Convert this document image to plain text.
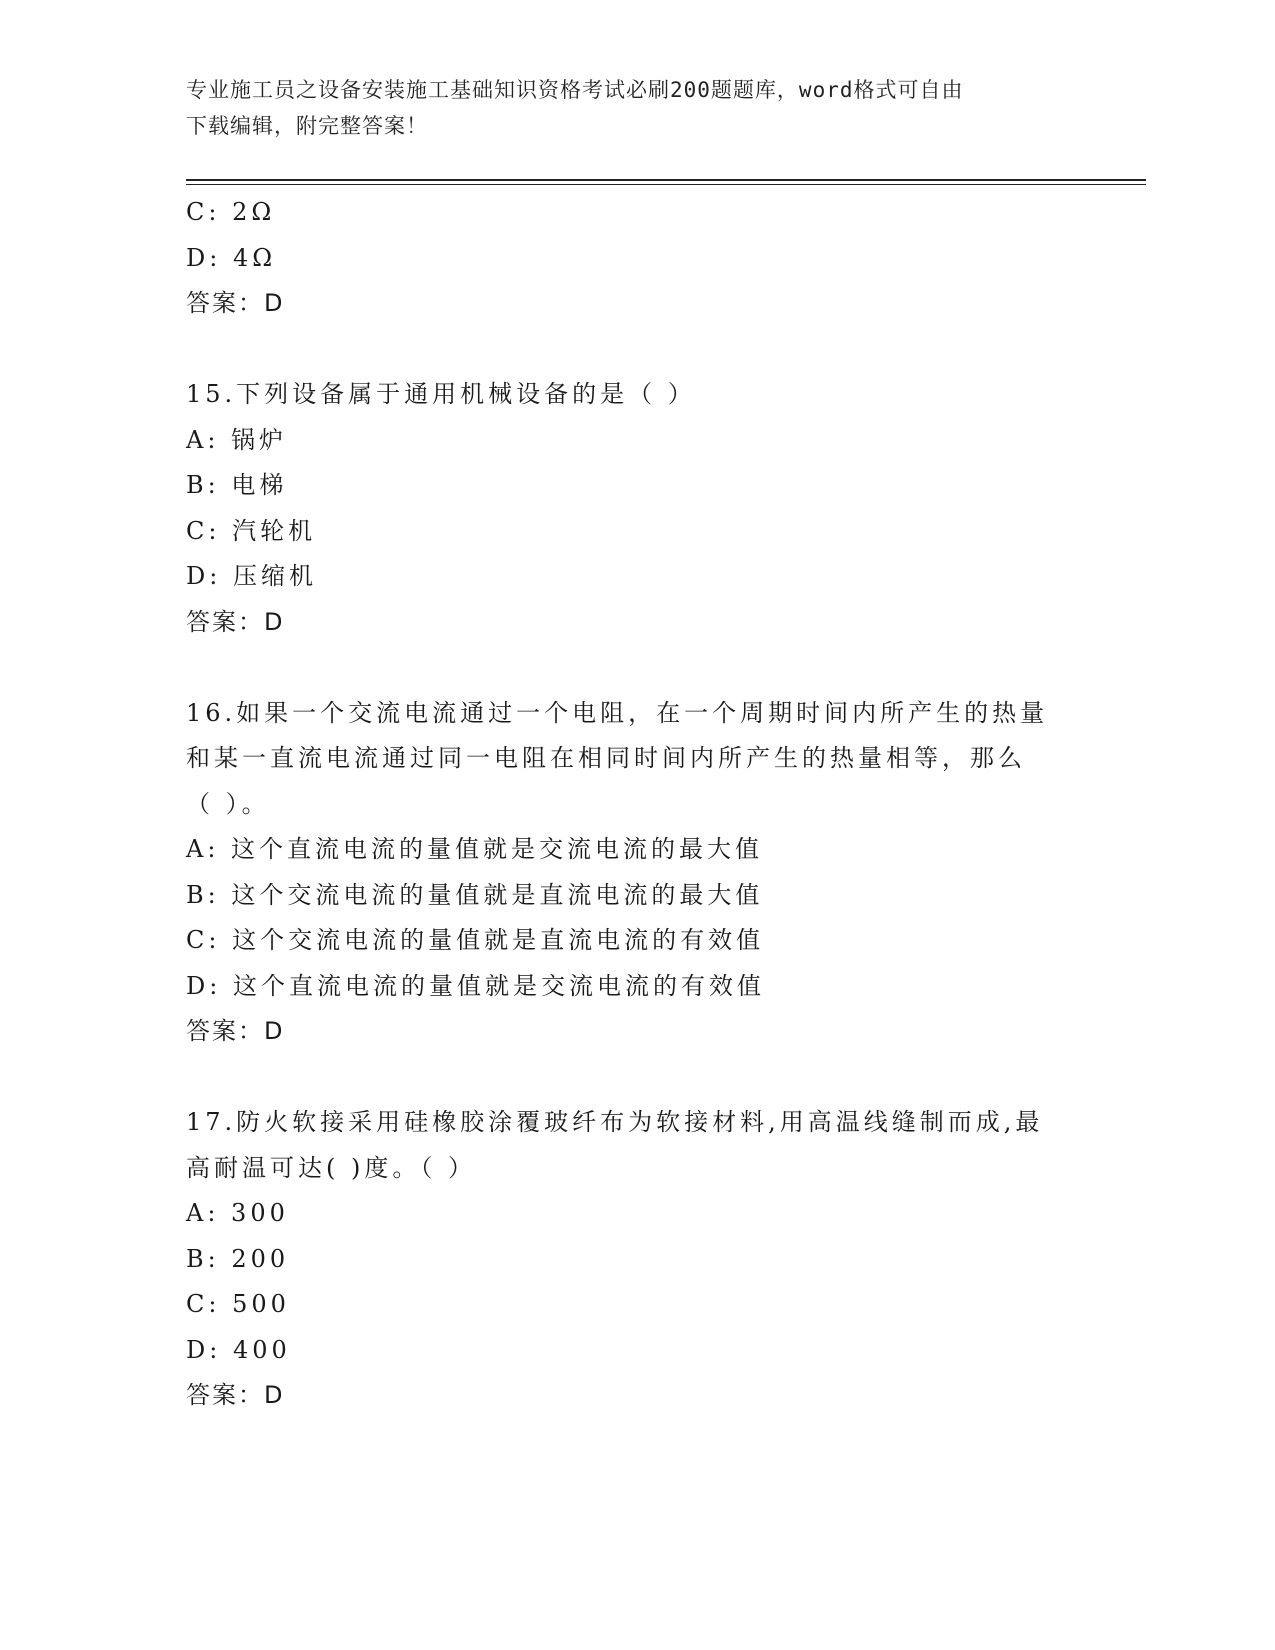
专业施工员之设备安装施工基础知识资格考试必刷200题题库，word格式可自由
下载编辑，附完整答案！
C: 2Ω
D: 4Ω
答案：D
15.下列设备属于通用机械设备的是（ ）
A: 锅炉
B: 电梯
C: 汽轮机
D: 压缩机
答案：D
16.如果一个交流电流通过一个电阻，在一个周期时间内所产生的热量
和某一直流电流通过同一电阻在相同时间内所产生的热量相等，那么
（ ）。
A: 这个直流电流的量值就是交流电流的最大值
B: 这个交流电流的量值就是直流电流的最大值
C: 这个交流电流的量值就是直流电流的有效值
D: 这个直流电流的量值就是交流电流的有效值
答案：D
17.防火软接采用硅橡胶涂覆玻纤布为软接材料,用高温线缝制而成,最
高耐温可达( )度。（ ）
A: 300
B: 200
C: 500
D: 400
答案：D
